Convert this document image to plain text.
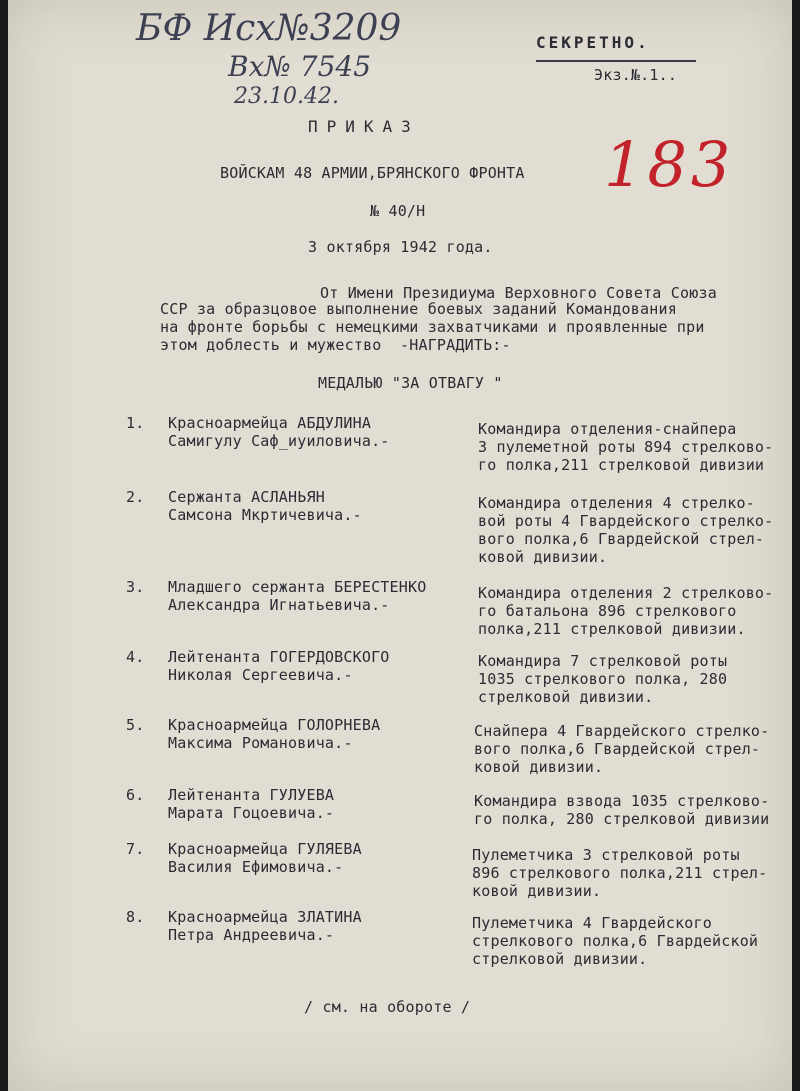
БФ Исх№3209
Вх№ 7545
23.10.42.
СЕКРЕТНО.
Экз.№.1..
183
ПРИКАЗ
ВОЙСКАМ 48 АРМИИ,БРЯНСКОГО ФРОНТА
№ 40/Н
3 октября 1942 года.
От Имени Президиума Верховного Совета Союза
ССР за образцовое выполнение боевых заданий Командования
на фронте борьбы с немецкими захватчиками и проявленные при
этом доблесть и мужество  -НАГРАДИТЬ:-
МЕДАЛЬЮ "ЗА ОТВАГУ "
1. Красноармейца АБДУЛИНА
Самигулу Саф_иуиловича.-
Командира отделения-снайпера
3 пулеметной роты 894 стрелково-
го полка,211 стрелковой дивизии
2. Сержанта АСЛАНЬЯН
Самсона Мкртичевича.-
Командира отделения 4 стрелко-
вой роты 4 Гвардейского стрелко-
вого полка,6 Гвардейской стрел-
ковой дивизии.
3. Младшего сержанта БЕРЕСТЕНКО
Александра Игнатьевича.-
Командира отделения 2 стрелково-
го батальона 896 стрелкового
полка,211 стрелковой дивизии.
4. Лейтенанта ГОГЕРДОВСКОГО
Николая Сергеевича.-
Командира 7 стрелковой роты
1035 стрелкового полка, 280
стрелковой дивизии.
5. Красноармейца ГОЛОРНЕВА
Максима Романовича.-
Снайпера 4 Гвардейского стрелко-
вого полка,6 Гвардейской стрел-
ковой дивизии.
6. Лейтенанта ГУЛУЕВА
Марата Гоцоевича.-
Командира взвода 1035 стрелково-
го полка, 280 стрелковой дивизии
7. Красноармейца ГУЛЯЕВА
Василия Ефимовича.-
Пулеметчика 3 стрелковой роты
896 стрелкового полка,211 стрел-
ковой дивизии.
8. Красноармейца ЗЛАТИНА
Петра Андреевича.-
Пулеметчика 4 Гвардейского
стрелкового полка,6 Гвардейской
стрелковой дивизии.
/ см. на обороте /
